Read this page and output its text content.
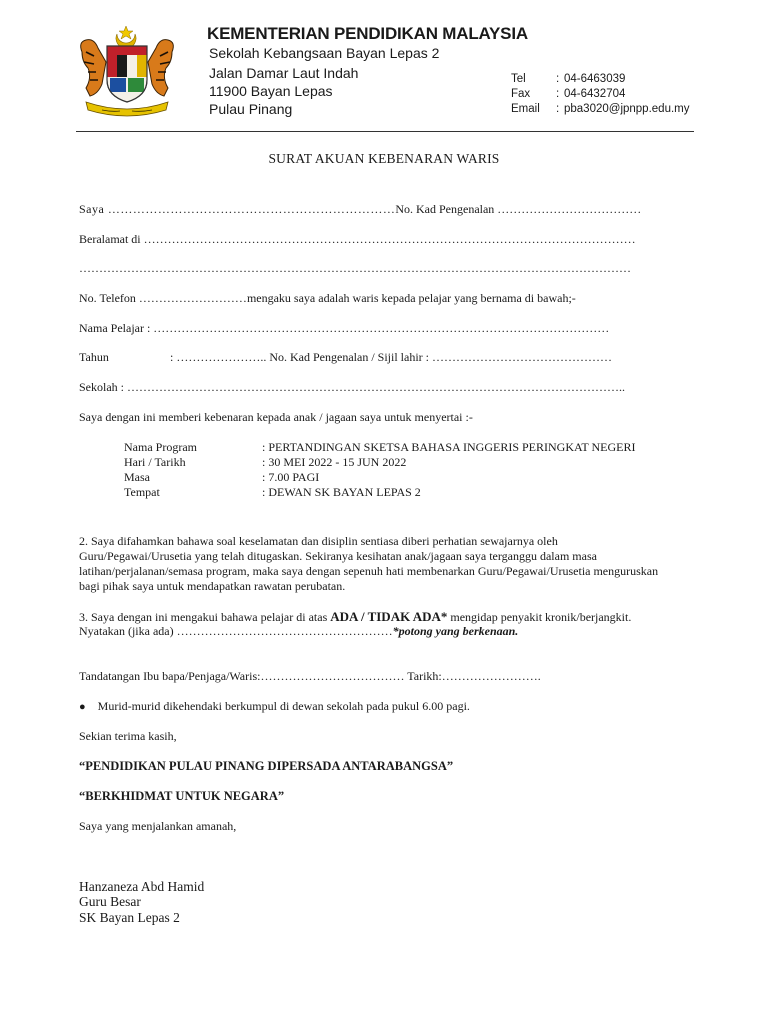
KEMENTERIAN PENDIDIKAN MALAYSIA
Sekolah Kebangsaan Bayan Lepas 2
Jalan Damar Laut Indah
11900 Bayan Lepas
Pulau Pinang
Tel	: 04-6463039
Fax : 04-6432704
Email : pba3020@jpnpp.edu.my
SURAT AKUAN KEBENARAN WARIS
Saya ……………………………………………………………No. Kad Pengenalan ………………………………
Beralamat di ……………………………………………………………………………………………………………
…………………………………………………………………………………………………………………………
No. Telefon ………………………mengaku saya adalah waris kepada pelajar yang bernama di bawah;-
Nama Pelajar : ……………………………………………………………………………………………………
Tahun	: ………………….. No. Kad Pengenalan / Sijil lahir : ………………………………………
Sekolah : ……………………………………………………………………………………………………………..
Saya dengan ini memberi kebenaran kepada anak / jagaan saya untuk menyertai :-
Nama Program	: PERTANDINGAN SKETSA BAHASA INGGERIS PERINGKAT NEGERI
Hari / Tarikh	: 30 MEI 2022 - 15 JUN 2022
Masa	: 7.00 PAGI
Tempat	: DEWAN SK BAYAN LEPAS 2
2. Saya difahamkan bahawa soal keselamatan dan disiplin sentiasa diberi perhatian sewajarnya oleh
Guru/Pegawai/Urusetia yang telah ditugaskan. Sekiranya kesihatan anak/jagaan saya terganggu dalam masa
latihan/perjalanan/semasa program, maka saya dengan sepenuh hati membenarkan Guru/Pegawai/Urusetia menguruskan
bagi pihak saya untuk mendapatkan rawatan perubatan.
3. Saya dengan ini mengakui bahawa pelajar di atas ADA / TIDAK ADA* mengidap penyakit kronik/berjangkit.
Nyatakan (jika ada) ………………………………………………*potong yang berkenaan.
Tandatangan Ibu bapa/Penjaga/Waris:……………………………… Tarikh:…………………….
● Murid-murid dikehendaki berkumpul di dewan sekolah pada pukul 6.00 pagi.
Sekian terima kasih,
“PENDIDIKAN PULAU PINANG DIPERSADA ANTARABANGSA”
“BERKHIDMAT UNTUK NEGARA”
Saya yang menjalankan amanah,
Hanzaneza Abd Hamid
Guru Besar
SK Bayan Lepas 2
